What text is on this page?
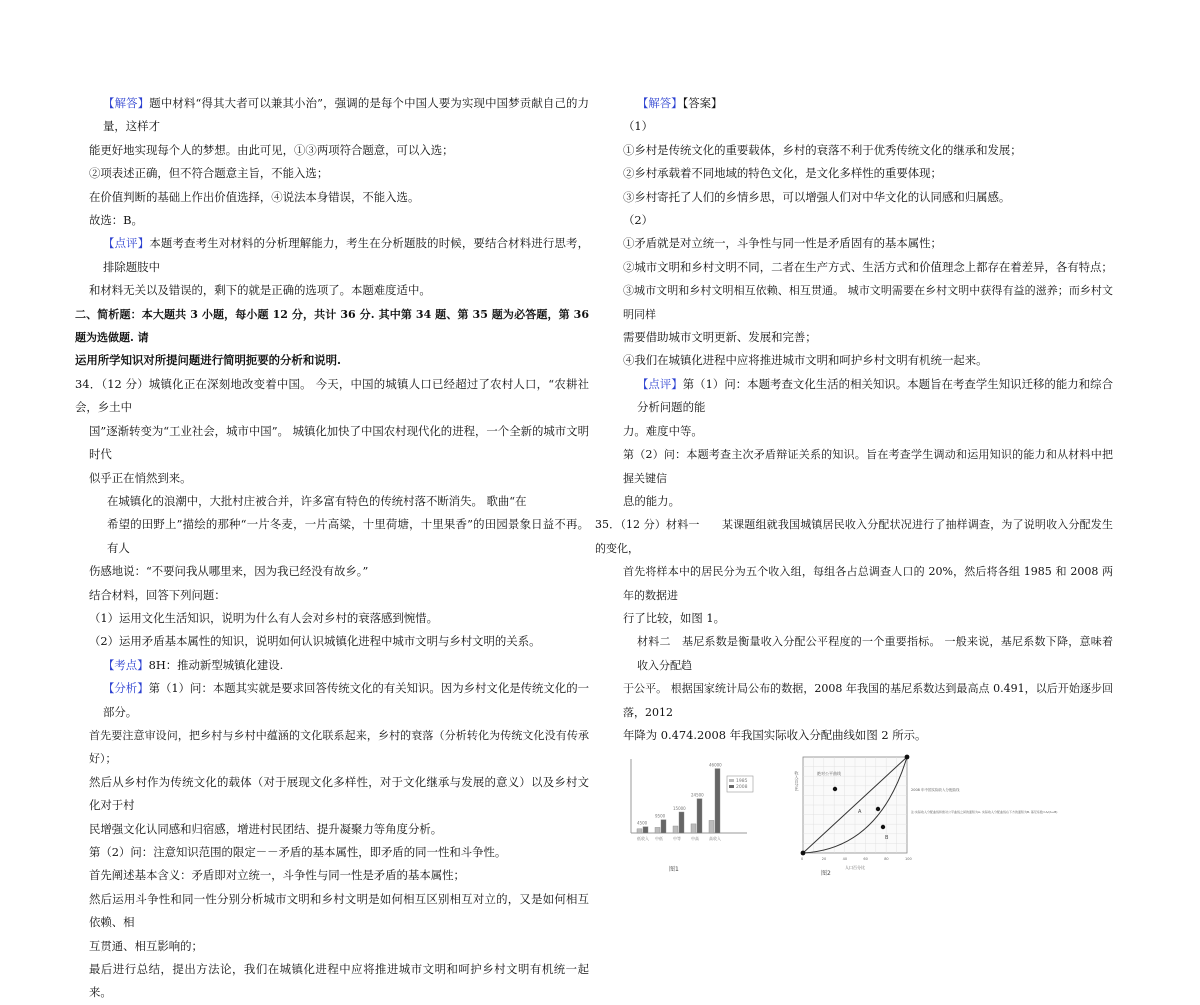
【解答】题中材料“得其大者可以兼其小治”，强调的是每个中国人要为实现中国梦贡献自己的力量，这样才

能更好地实现每个人的梦想。由此可见，①③两项符合题意，可以入选；

②项表述正确，但不符合题意主旨，不能入选；

在价值判断的基础上作出价值选择，④说法本身错误，不能入选。

故选：B。

【点评】本题考查考生对材料的分析理解能力，考生在分析题肢的时候，要结合材料进行思考，排除题肢中

和材料无关以及错误的，剩下的就是正确的选项了。本题难度适中。

二、简析题：本大题共 3 小题，每小题 12 分，共计 36 分. 其中第 34 题、第 35 题为必答题，第 36 题为选做题. 请

运用所学知识对所提问题进行简明扼要的分析和说明.

34．（12 分）城镇化正在深刻地改变着中国。 今天，中国的城镇人口已经超过了农村人口，“农耕社会，乡土中

国”逐渐转变为“工业社会，城市中国”。 城镇化加快了中国农村现代化的进程，一个全新的城市文明时代

似乎正在悄然到来。

在城镇化的浪潮中，大批村庄被合并，许多富有特色的传统村落不断消失。 歌曲“在

希望的田野上”描绘的那种“一片冬麦，一片高粱，十里荷塘，十里果香”的田园景象日益不再。 有人

伤感地说：“不要问我从哪里来，因为我已经没有故乡。”

结合材料，回答下列问题：

（1）运用文化生活知识，说明为什么有人会对乡村的衰落感到惋惜。

（2）运用矛盾基本属性的知识，说明如何认识城镇化进程中城市文明与乡村文明的关系。

【考点】8H：推动新型城镇化建设.

【分析】第（1）问：本题其实就是要求回答传统文化的有关知识。因为乡村文化是传统文化的一部分。

首先要注意审设问，把乡村与乡村中蕴涵的文化联系起来，乡村的衰落（分析转化为传统文化没有传承好）；

然后从乡村作为传统文化的载体（对于展现文化多样性，对于文化继承与发展的意义）以及乡村文化对于村

民增强文化认同感和归宿感，增进村民团结、提升凝聚力等角度分析。

第（2）问：注意知识范围的限定－－矛盾的基本属性，即矛盾的同一性和斗争性。

首先阐述基本含义：矛盾即对立统一，斗争性与同一性是矛盾的基本属性；

然后运用斗争性和同一性分别分析城市文明和乡村文明是如何相互区别相互对立的，又是如何相互依赖、相

互贯通、相互影响的；

最后进行总结，提出方法论，我们在城镇化进程中应将推进城市文明和呵护乡村文明有机统一起来。

【解答】【答案】

（1）

①乡村是传统文化的重要载体，乡村的衰落不利于优秀传统文化的继承和发展；

②乡村承载着不同地域的特色文化，是文化多样性的重要体现；

③乡村寄托了人们的乡情乡思，可以增强人们对中华文化的认同感和归属感。

（2）

①矛盾就是对立统一，斗争性与同一性是矛盾固有的基本属性；

②城市文明和乡村文明不同，二者在生产方式、生活方式和价值理念上都存在着差异，各有特点；

③城市文明和乡村文明相互依赖、相互贯通。 城市文明需要在乡村文明中获得有益的滋养；而乡村文明同样

需要借助城市文明更新、发展和完善；

④我们在城镇化进程中应将推进城市文明和呵护乡村文明有机统一起来。

【点评】第（1）问：本题考查文化生活的相关知识。本题旨在考查学生知识迁移的能力和综合分析问题的能

力。难度中等。

第（2）问：本题考查主次矛盾辩证关系的知识。旨在考查学生调动和运用知识的能力和从材料中把握关键信

息的能力。

35．（12 分）材料一　　某课题组就我国城镇居民收入分配状况进行了抽样调查，为了说明收入分配发生的变化，

首先将样本中的居民分为五个收入组，每组各占总调查人口的 20%，然后将各组 1985 和 2008 两年的数据进

行了比较，如图 1。

材料二　基尼系数是衡量收入分配公平程度的一个重要指标。 一般来说，基尼系数下降，意味着收入分配趋

于公平。 根据国家统计局公布的数据，2008 年我国的基尼系数达到最高点 0.491，以后开始逐步回落，2012

年降为 0.474.2008 年我国实际收入分配曲线如图 2 所示。

4500
低收入
9500
中低
15000
中等
24500
中高
46000
高收入
1985
2008
图1
A
B
绝对公平曲线
2008 年中国实际收入分配曲线
收入百分比
人口百分比
0	20	40	60	80	100
注:实际收入分配曲线和绝对公平曲线之间的面积为A, 实际收入分配曲线右下方的面积为B, 基尼系数=A/(A+B)
图2
